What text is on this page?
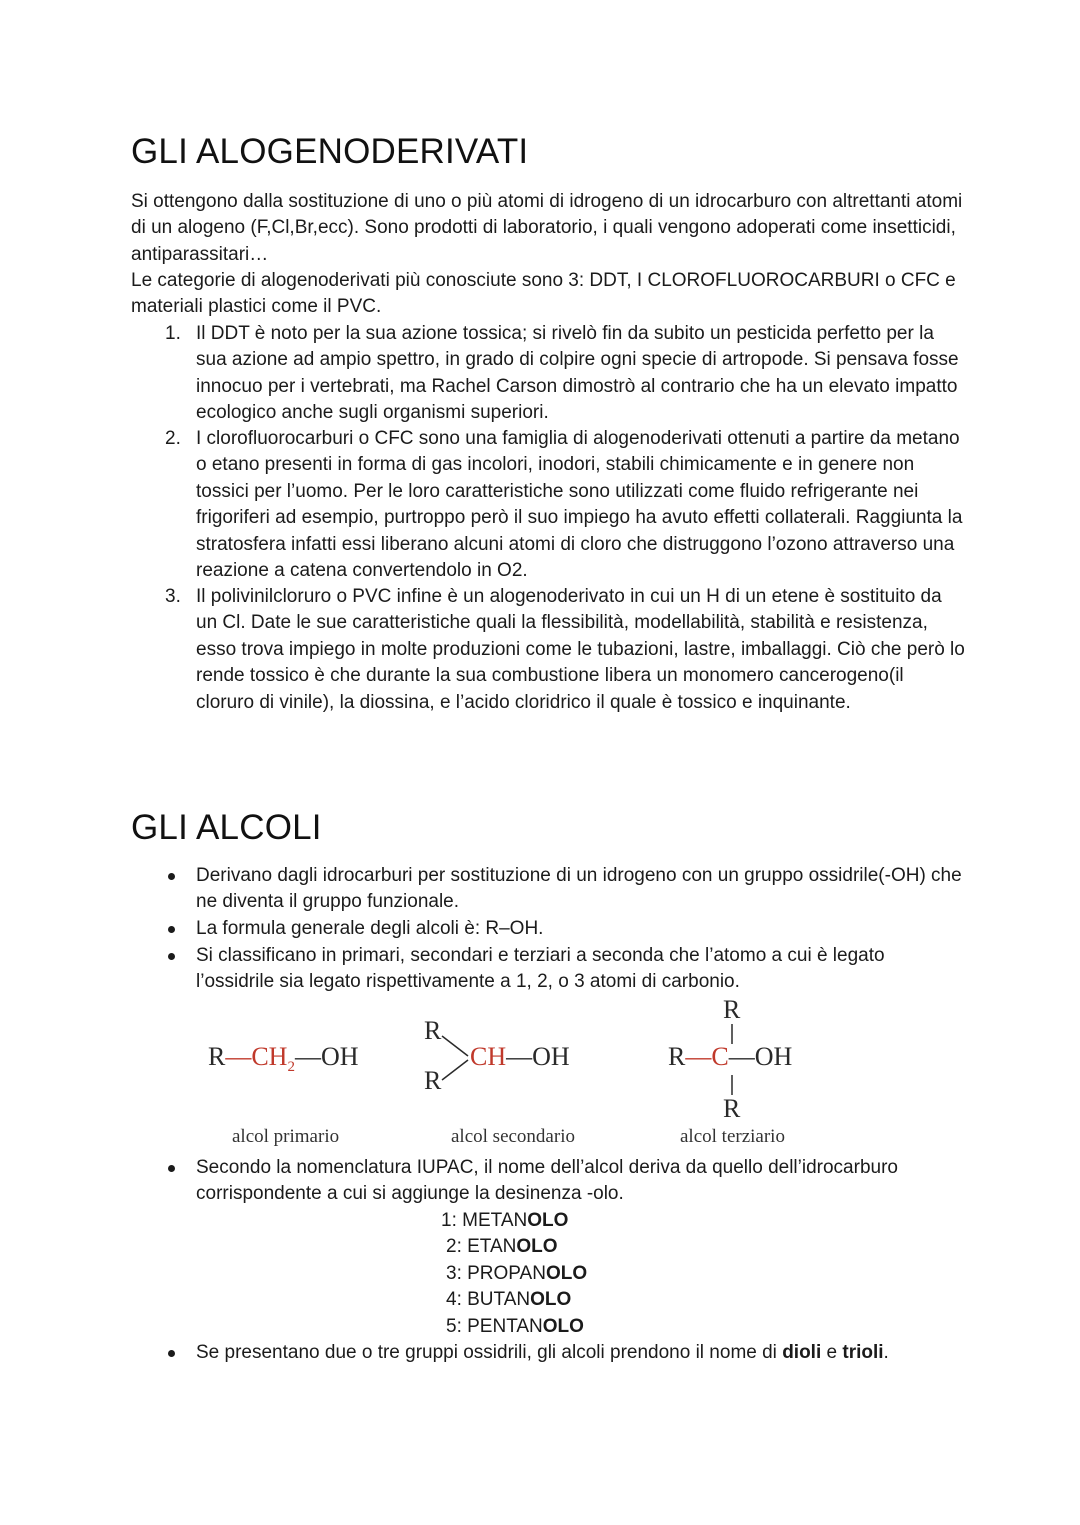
GLI ALOGENODERIVATI

Si ottengono dalla sostituzione di uno o più atomi di idrogeno di un idrocarburo con altrettanti atomi di un alogeno (F,Cl,Br,ecc). Sono prodotti di laboratorio, i quali vengono adoperati come insetticidi, antiparassitari…

Le categorie di alogenoderivati più conosciute sono 3: DDT, I CLOROFLUOROCARBURI o CFC e materiali plastici come il PVC.

1. Il DDT è noto per la sua azione tossica; si rivelò fin da subito un pesticida perfetto per la sua azione ad ampio spettro, in grado di colpire ogni specie di artropode. Si pensava fosse innocuo per i vertebrati, ma Rachel Carson dimostrò al contrario che ha un elevato impatto ecologico anche sugli organismi superiori.
2. I clorofluorocarburi o CFC sono una famiglia di alogenoderivati ottenuti a partire da metano o etano presenti in forma di gas incolori, inodori, stabili chimicamente e in genere non tossici per l’uomo. Per le loro caratteristiche sono utilizzati come fluido refrigerante nei frigoriferi ad esempio, purtroppo però il suo impiego ha avuto effetti collaterali. Raggiunta la stratosfera infatti essi liberano alcuni atomi di cloro che distruggono l’ozono attraverso una reazione a catena convertendolo in O2.
3. Il polivinilcloruro o PVC infine è un alogenoderivato in cui un H di un etene è sostituito da un Cl. Date le sue caratteristiche quali la flessibilità, modellabilità, stabilità e resistenza, esso trova impiego in molte produzioni come le tubazioni, lastre, imballaggi. Ciò che però lo rende tossico è che durante la sua combustione libera un monomero cancerogeno(il cloruro di vinile), la diossina, e l’acido cloridrico il quale è tossico e inquinante.
GLI ALCOLI
Derivano dagli idrocarburi per sostituzione di un idrogeno con un gruppo ossidrile(-OH) che ne diventa il gruppo funzionale.
La formula generale degli alcoli è: R–OH.
Si classificano in primari, secondari e terziari a seconda che l’atomo a cui è legato l’ossidrile sia legato rispettivamente a 1, 2, o 3 atomi di carbonio.
$R—CH_2—OH$
alcol primario
R
R
CH—OH
alcol secondario
R
R—C—OH
R
alcol terziario
Secondo la nomenclatura IUPAC, il nome dell’alcol deriva da quello dell’idrocarburo corrispondente a cui si aggiunge la desinenza -olo.
1: METANOLO
2: ETANOLO
3: PROPANOLO
4: BUTANOLO
5: PENTANOLO
Se presentano due o tre gruppi ossidrili, gli alcoli prendono il nome di dioli e trioli.
